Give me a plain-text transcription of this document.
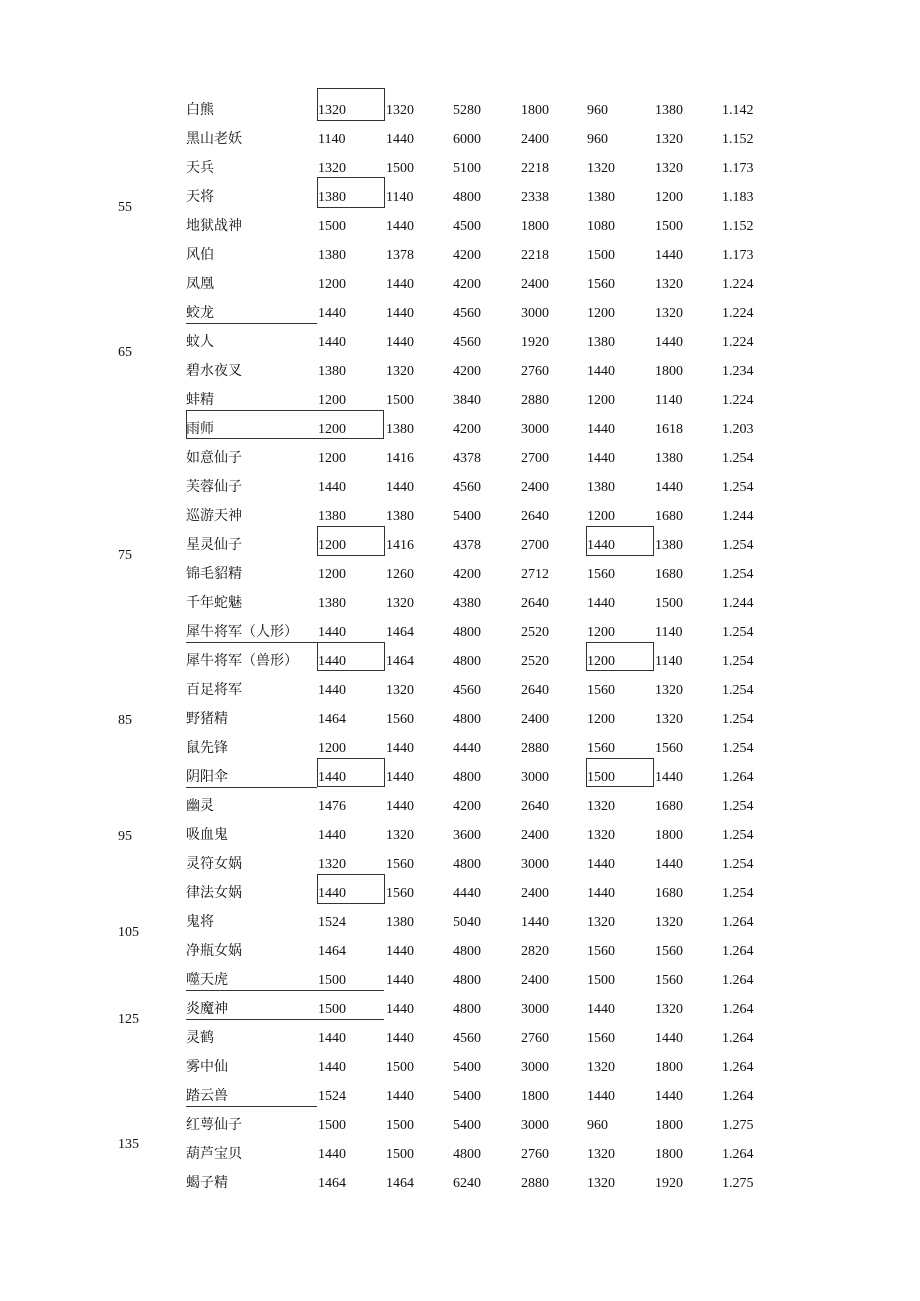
55
65
75
85
95
105
125
135
白熊	1320	1320	5280	1800	960	1380	1.142
黑山老妖	1140	1440	6000	2400	960	1320	1.152
天兵	1320	1500	5100	2218	1320	1320	1.173
天将	1380	1140	4800	2338	1380	1200	1.183
地狱战神	1500	1440	4500	1800	1080	1500	1.152
风伯	1380	1378	4200	2218	1500	1440	1.173
凤凰	1200	1440	4200	2400	1560	1320	1.224
蛟龙	1440	1440	4560	3000	1200	1320	1.224
蚊人	1440	1440	4560	1920	1380	1440	1.224
碧水夜叉	1380	1320	4200	2760	1440	1800	1.234
蚌精	1200	1500	3840	2880	1200	1140	1.224
雨师	1200	1380	4200	3000	1440	1618	1.203
如意仙子	1200	1416	4378	2700	1440	1380	1.254
芙蓉仙子	1440	1440	4560	2400	1380	1440	1.254
巡游天神	1380	1380	5400	2640	1200	1680	1.244
星灵仙子	1200	1416	4378	2700	1440	1380	1.254
锦毛貂精	1200	1260	4200	2712	1560	1680	1.254
千年蛇魅	1380	1320	4380	2640	1440	1500	1.244
犀牛将军（人形） 1440	1464	4800	2520	1200	1140	1.254
犀牛将军（兽形） 1440	1464	4800	2520	1200	1140	1.254
百足将军	1440	1320	4560	2640	1560	1320	1.254
野猪精	1464	1560	4800	2400	1200	1320	1.254
鼠先锋	1200	1440	4440	2880	1560	1560	1.254
阴阳伞	1440	1440	4800	3000	1500	1440	1.264
幽灵	1476	1440	4200	2640	1320	1680	1.254
吸血鬼	1440	1320	3600	2400	1320	1800	1.254
灵符女娲	1320	1560	4800	3000	1440	1440	1.254
律法女娲	1440	1560	4440	2400	1440	1680	1.254
鬼将	1524	1380	5040	1440	1320	1320	1.264
净瓶女娲	1464	1440	4800	2820	1560	1560	1.264
噬天虎	1500	1440	4800	2400	1500	1560	1.264
炎魔神	1500	1440	4800	3000	1440	1320	1.264
灵鹤	1440	1440	4560	2760	1560	1440	1.264
雾中仙	1440	1500	5400	3000	1320	1800	1.264
踏云兽	1524	1440	5400	1800	1440	1440	1.264
红萼仙子	1500	1500	5400	3000	960	1800	1.275
葫芦宝贝	1440	1500	4800	2760	1320	1800	1.264
蝎子精	1464	1464	6240	2880	1320	1920	1.275
